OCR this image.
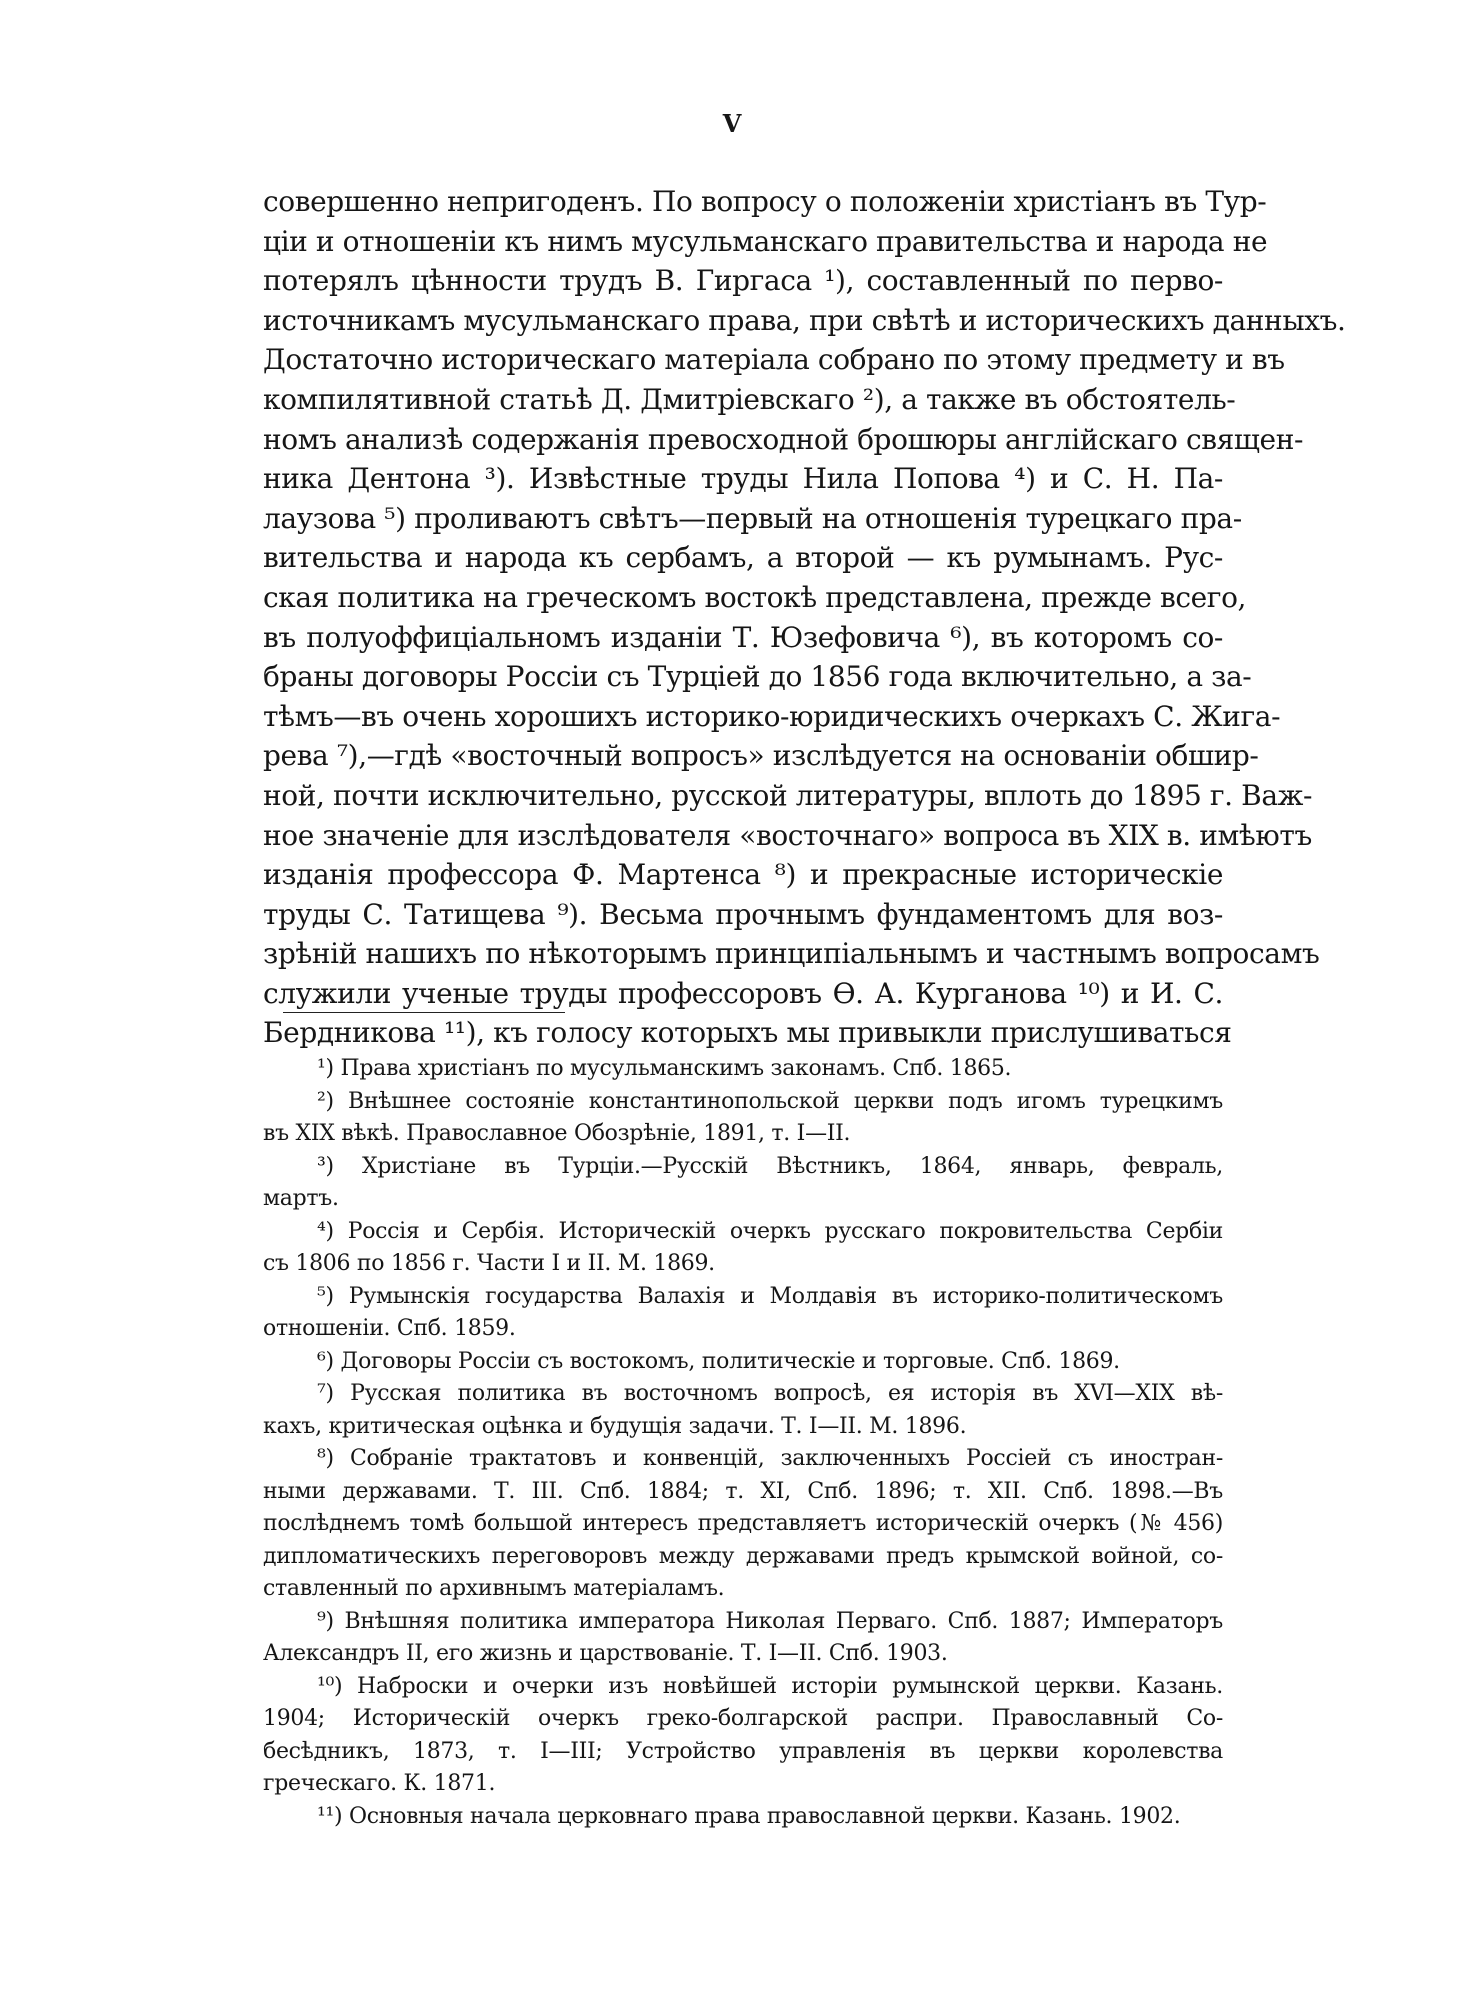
V
совершенно непригоденъ. По вопросу о положенiи христiанъ въ Тур-
цiи и отношенiи къ нимъ мусульманскаго правительства и народа не
потерялъ цѣнности трудъ В. Гиргаса ¹), составленный по перво-
источникамъ мусульманскаго права, при свѣтѣ и историческихъ данныхъ.
Достаточно историческаго матерiала собрано по этому предмету и въ
компилятивной статьѣ Д. Дмитрiевскаго ²), а также въ обстоятель-
номъ анализѣ содержанiя превосходной брошюры англiйскаго священ-
ника Дентона ³). Извѣстные труды Нила Попова ⁴) и С. Н. Па-
лаузова ⁵) проливаютъ свѣтъ—первый на отношенiя турецкаго пра-
вительства и народа къ сербамъ, а второй — къ румынамъ. Рус-
ская политика на греческомъ востокѣ представлена, прежде всего,
въ полуоффицiальномъ изданiи Т. Юзефовича ⁶), въ которомъ со-
браны договоры Россiи съ Турцiей до 1856 года включительно, а за-
тѣмъ—въ очень хорошихъ историко-юридическихъ очеркахъ С. Жига-
рева ⁷),—гдѣ «восточный вопросъ» изслѣдуется на основанiи обшир-
ной, почти исключительно, русской литературы, вплоть до 1895 г. Важ-
ное значенiе для изслѣдователя «восточнаго» вопроса въ XIX в. имѣютъ
изданiя профессора Ф. Мартенса ⁸) и прекрасные историческiе
труды С. Татищева ⁹). Весьма прочнымъ фундаментомъ для воз-
зрѣнiй нашихъ по нѣкоторымъ принципiальнымъ и частнымъ вопросамъ
служили ученые труды профессоровъ Ѳ. А. Курганова ¹⁰) и И. С.
Бердникова ¹¹), къ голосу которыхъ мы привыкли прислушиваться
¹) Права христiанъ по мусульманскимъ законамъ. Спб. 1865.
²) Внѣшнее состоянiе константинопольской церкви подъ игомъ турецкимъ
въ XIX вѣкѣ. Православное Обозрѣнiе, 1891, т. I—II.
³) Христiане въ Турцiи.—Русскiй Вѣстникъ, 1864, январь, февраль,
мартъ.
⁴) Россiя и Сербiя. Историческiй очеркъ русскаго покровительства Сербiи
съ 1806 по 1856 г. Части I и II. М. 1869.
⁵) Румынскiя государства Валахiя и Молдавiя въ историко-политическомъ
отношенiи. Спб. 1859.
⁶) Договоры Россiи съ востокомъ, политическiе и торговые. Спб. 1869.
⁷) Русская политика въ восточномъ вопросѣ, ея исторiя въ XVI—XIX вѣ-
кахъ, критическая оцѣнка и будущiя задачи. Т. I—II. М. 1896.
⁸) Собранiе трактатовъ и конвенцiй, заключенныхъ Россiей съ иностран-
ными державами. Т. III. Спб. 1884; т. XI, Спб. 1896; т. XII. Спб. 1898.—Въ
послѣднемъ томѣ большой интересъ представляетъ историческiй очеркъ (№ 456)
дипломатическихъ переговоровъ между державами предъ крымской войной, со-
ставленный по архивнымъ матерiаламъ.
⁹) Внѣшняя политика императора Николая Перваго. Спб. 1887; Императоръ
Александръ II, его жизнь и царствованiе. Т. I—II. Спб. 1903.
¹⁰) Наброски и очерки изъ новѣйшей исторiи румынской церкви. Казань.
1904; Историческiй очеркъ греко-болгарской распри. Православный Со-
бесѣдникъ, 1873, т. I—III; Устройство управленiя въ церкви королевства
греческаго. К. 1871.
¹¹) Основныя начала церковнаго права православной церкви. Казань. 1902.
